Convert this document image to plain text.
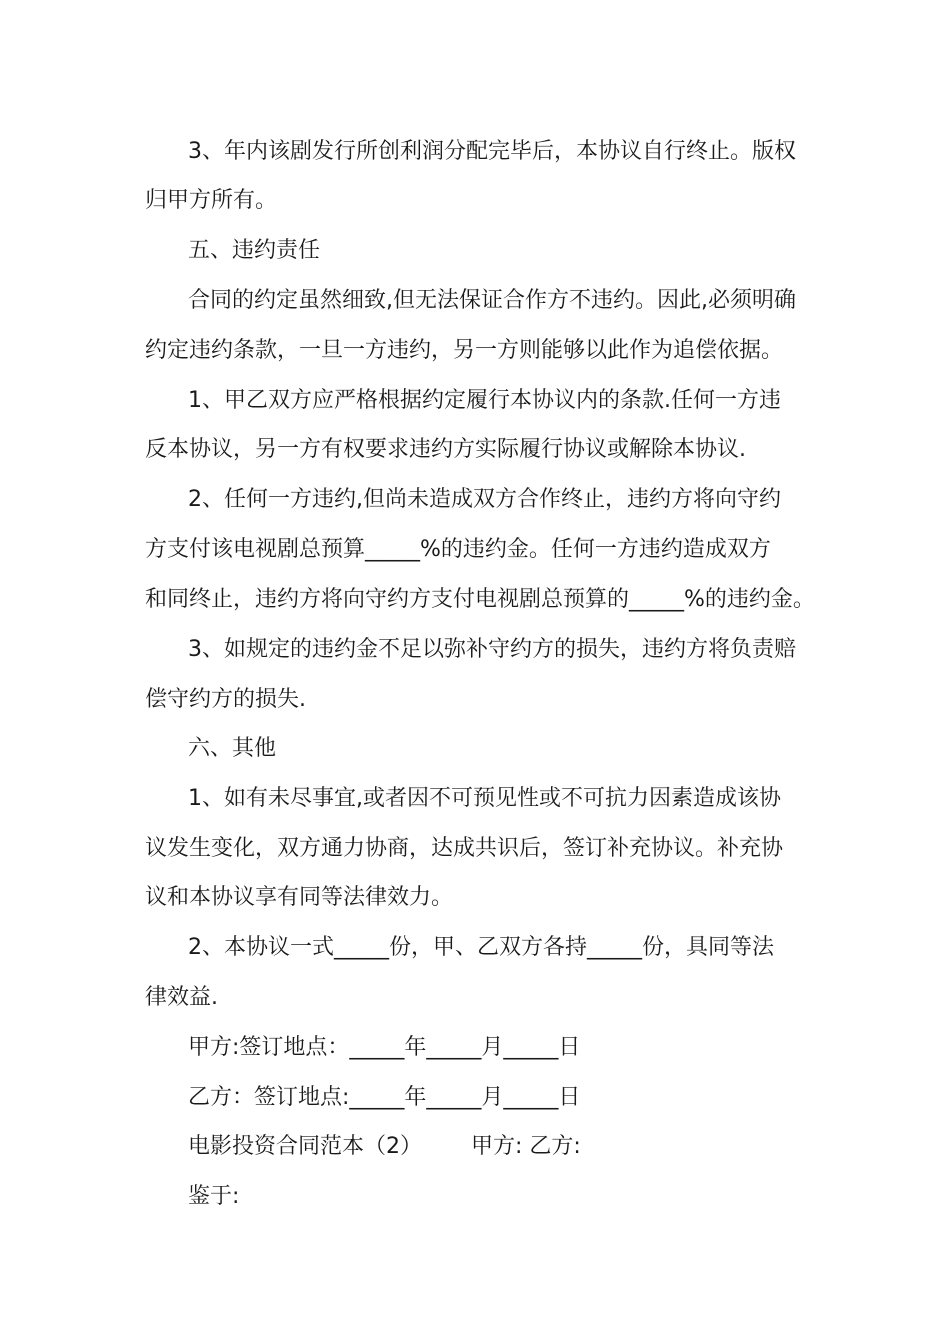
3、年内该剧发行所创利润分配完毕后，本协议自行终止。版权
归甲方所有。
五、违约责任
合同的约定虽然细致,但无法保证合作方不违约。因此,必须明确
约定违约条款，一旦一方违约，另一方则能够以此作为追偿依据。
1、甲乙双方应严格根据约定履行本协议内的条款.任何一方违
反本协议，另一方有权要求违约方实际履行协议或解除本协议.
2、任何一方违约,但尚未造成双方合作终止，违约方将向守约
方支付该电视剧总预算_____%的违约金。任何一方违约造成双方
和同终止，违约方将向守约方支付电视剧总预算的_____%的违约金。
3、如规定的违约金不足以弥补守约方的损失，违约方将负责赔
偿守约方的损失.
六、其他
1、如有未尽事宜,或者因不可预见性或不可抗力因素造成该协
议发生变化，双方通力协商，达成共识后，签订补充协议。补充协
议和本协议享有同等法律效力。
2、本协议一式_____份，甲、乙双方各持_____份，具同等法
律效益.
甲方:签订地点：_____年_____月_____日
乙方：签订地点:_____年_____月_____日
电影投资合同范本（2）       甲方: 乙方:
鉴于:
